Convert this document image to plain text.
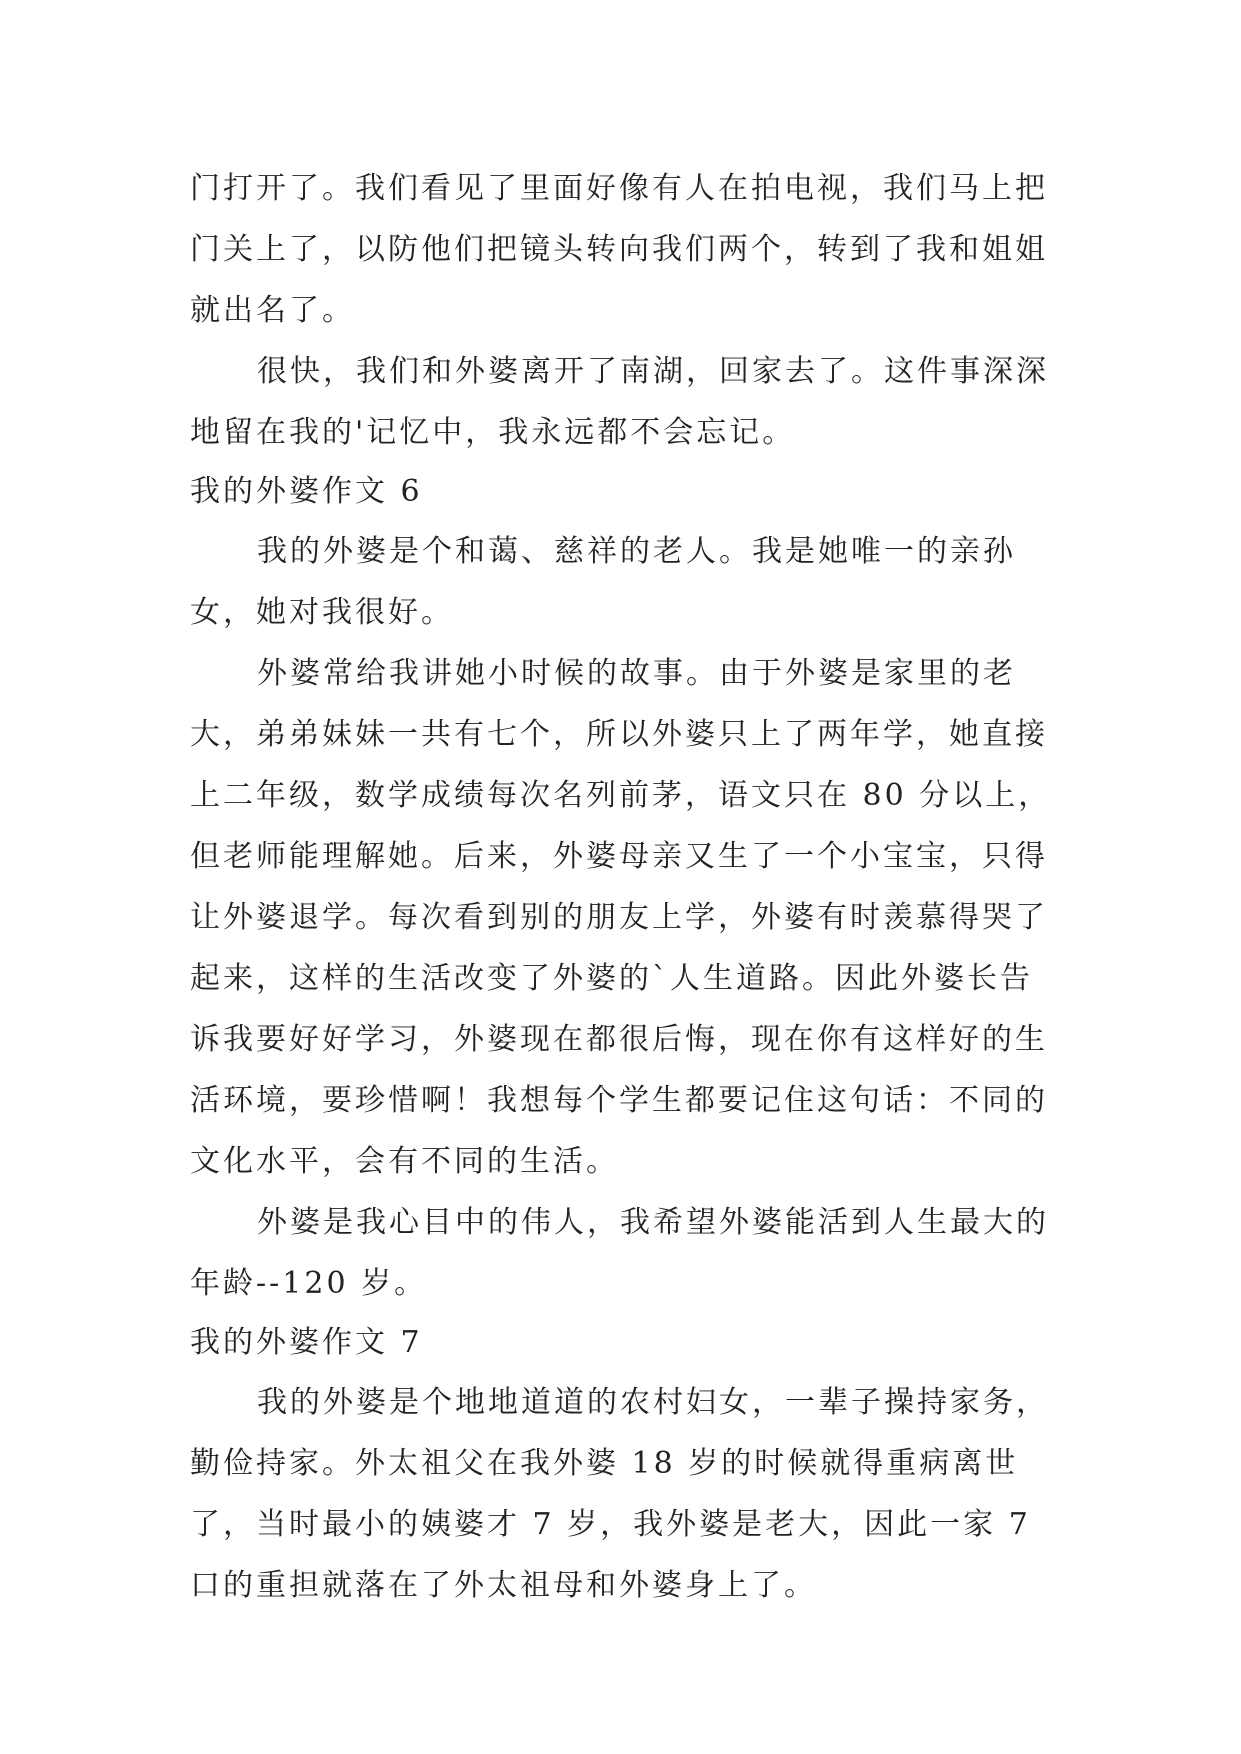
门打开了。我们看见了里面好像有人在拍电视，我们马上把门关上了，以防他们把镜头转向我们两个，转到了我和姐姐就出名了。

很快，我们和外婆离开了南湖，回家去了。这件事深深地留在我的'记忆中，我永远都不会忘记。

我的外婆作文 6

我的外婆是个和蔼、慈祥的老人。我是她唯一的亲孙女，她对我很好。

外婆常给我讲她小时候的故事。由于外婆是家里的老大，弟弟妹妹一共有七个，所以外婆只上了两年学，她直接上二年级，数学成绩每次名列前茅，语文只在 80 分以上，但老师能理解她。后来，外婆母亲又生了一个小宝宝，只得让外婆退学。每次看到别的朋友上学，外婆有时羡慕得哭了起来，这样的生活改变了外婆的`人生道路。因此外婆长告诉我要好好学习，外婆现在都很后悔，现在你有这样好的生活环境，要珍惜啊！我想每个学生都要记住这句话：不同的文化水平，会有不同的生活。

外婆是我心目中的伟人，我希望外婆能活到人生最大的年龄--120 岁。

我的外婆作文 7

我的外婆是个地地道道的农村妇女，一辈子操持家务，勤俭持家。外太祖父在我外婆 18 岁的时候就得重病离世了，当时最小的姨婆才 7 岁，我外婆是老大，因此一家 7 口的重担就落在了外太祖母和外婆身上了。
